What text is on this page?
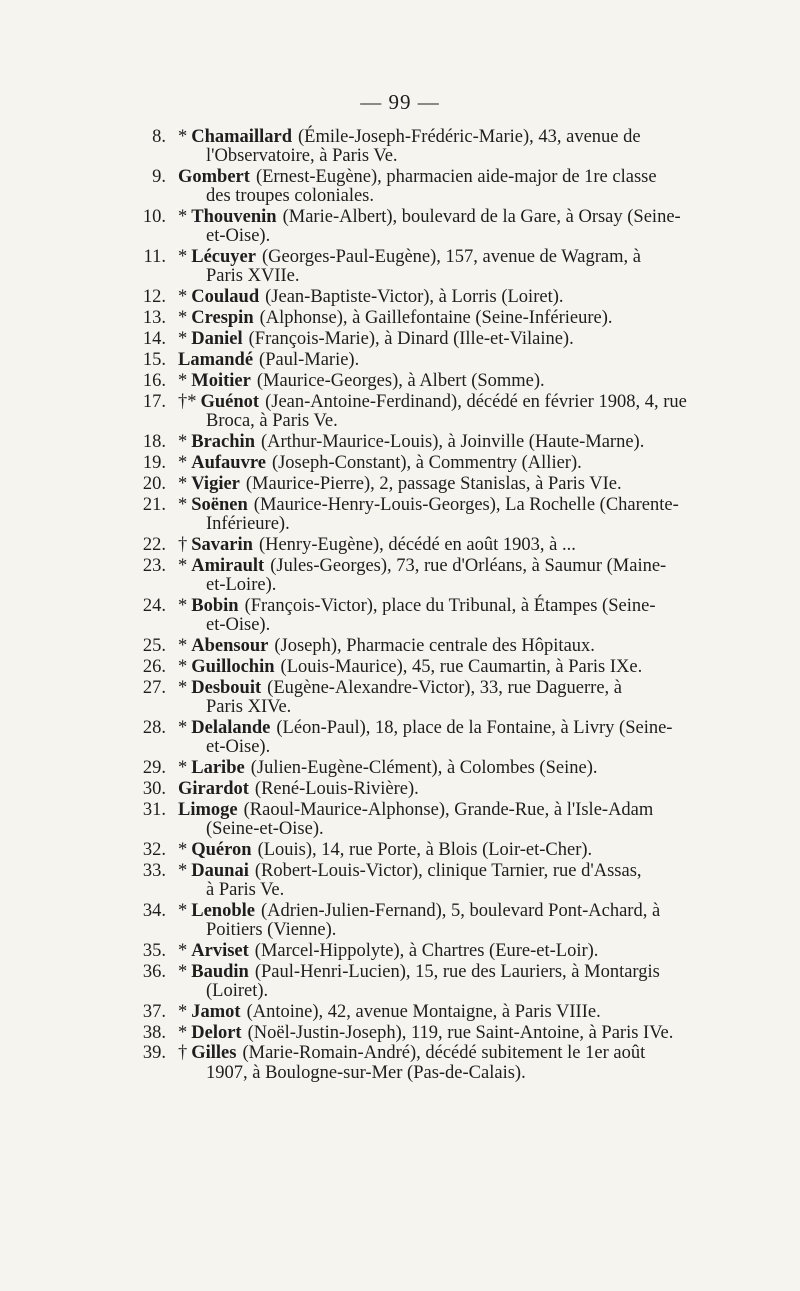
— 99 —
8. * Chamaillard (Émile-Joseph-Frédéric-Marie), 43, avenue de
l'Observatoire, à Paris Ve.
9. Gombert (Ernest-Eugène), pharmacien aide-major de 1re classe
des troupes coloniales.
10. * Thouvenin (Marie-Albert), boulevard de la Gare, à Orsay (Seine-
et-Oise).
11. * Lécuyer (Georges-Paul-Eugène), 157, avenue de Wagram, à
Paris XVIIe.
12. * Coulaud (Jean-Baptiste-Victor), à Lorris (Loiret).
13. * Crespin (Alphonse), à Gaillefontaine (Seine-Inférieure).
14. * Daniel (François-Marie), à Dinard (Ille-et-Vilaine).
15. Lamandé (Paul-Marie).
16. * Moitier (Maurice-Georges), à Albert (Somme).
17. †* Guénot (Jean-Antoine-Ferdinand), décédé en février 1908, 4, rue
Broca, à Paris Ve.
18. * Brachin (Arthur-Maurice-Louis), à Joinville (Haute-Marne).
19. * Aufauvre (Joseph-Constant), à Commentry (Allier).
20. * Vigier (Maurice-Pierre), 2, passage Stanislas, à Paris VIe.
21. * Soënen (Maurice-Henry-Louis-Georges), La Rochelle (Charente-
Inférieure).
22. † Savarin (Henry-Eugène), décédé en août 1903, à ...
23. * Amirault (Jules-Georges), 73, rue d'Orléans, à Saumur (Maine-
et-Loire).
24. * Bobin (François-Victor), place du Tribunal, à Étampes (Seine-
et-Oise).
25. * Abensour (Joseph), Pharmacie centrale des Hôpitaux.
26. * Guillochin (Louis-Maurice), 45, rue Caumartin, à Paris IXe.
27. * Desbouit (Eugène-Alexandre-Victor), 33, rue Daguerre, à
Paris XIVe.
28. * Delalande (Léon-Paul), 18, place de la Fontaine, à Livry (Seine-
et-Oise).
29. * Laribe (Julien-Eugène-Clément), à Colombes (Seine).
30. Girardot (René-Louis-Rivière).
31. Limoge (Raoul-Maurice-Alphonse), Grande-Rue, à l'Isle-Adam
(Seine-et-Oise).
32. * Quéron (Louis), 14, rue Porte, à Blois (Loir-et-Cher).
33. * Daunai (Robert-Louis-Victor), clinique Tarnier, rue d'Assas,
à Paris Ve.
34. * Lenoble (Adrien-Julien-Fernand), 5, boulevard Pont-Achard, à
Poitiers (Vienne).
35. * Arviset (Marcel-Hippolyte), à Chartres (Eure-et-Loir).
36. * Baudin (Paul-Henri-Lucien), 15, rue des Lauriers, à Montargis
(Loiret).
37. * Jamot (Antoine), 42, avenue Montaigne, à Paris VIIIe.
38. * Delort (Noël-Justin-Joseph), 119, rue Saint-Antoine, à Paris IVe.
39. † Gilles (Marie-Romain-André), décédé subitement le 1er août
1907, à Boulogne-sur-Mer (Pas-de-Calais).
